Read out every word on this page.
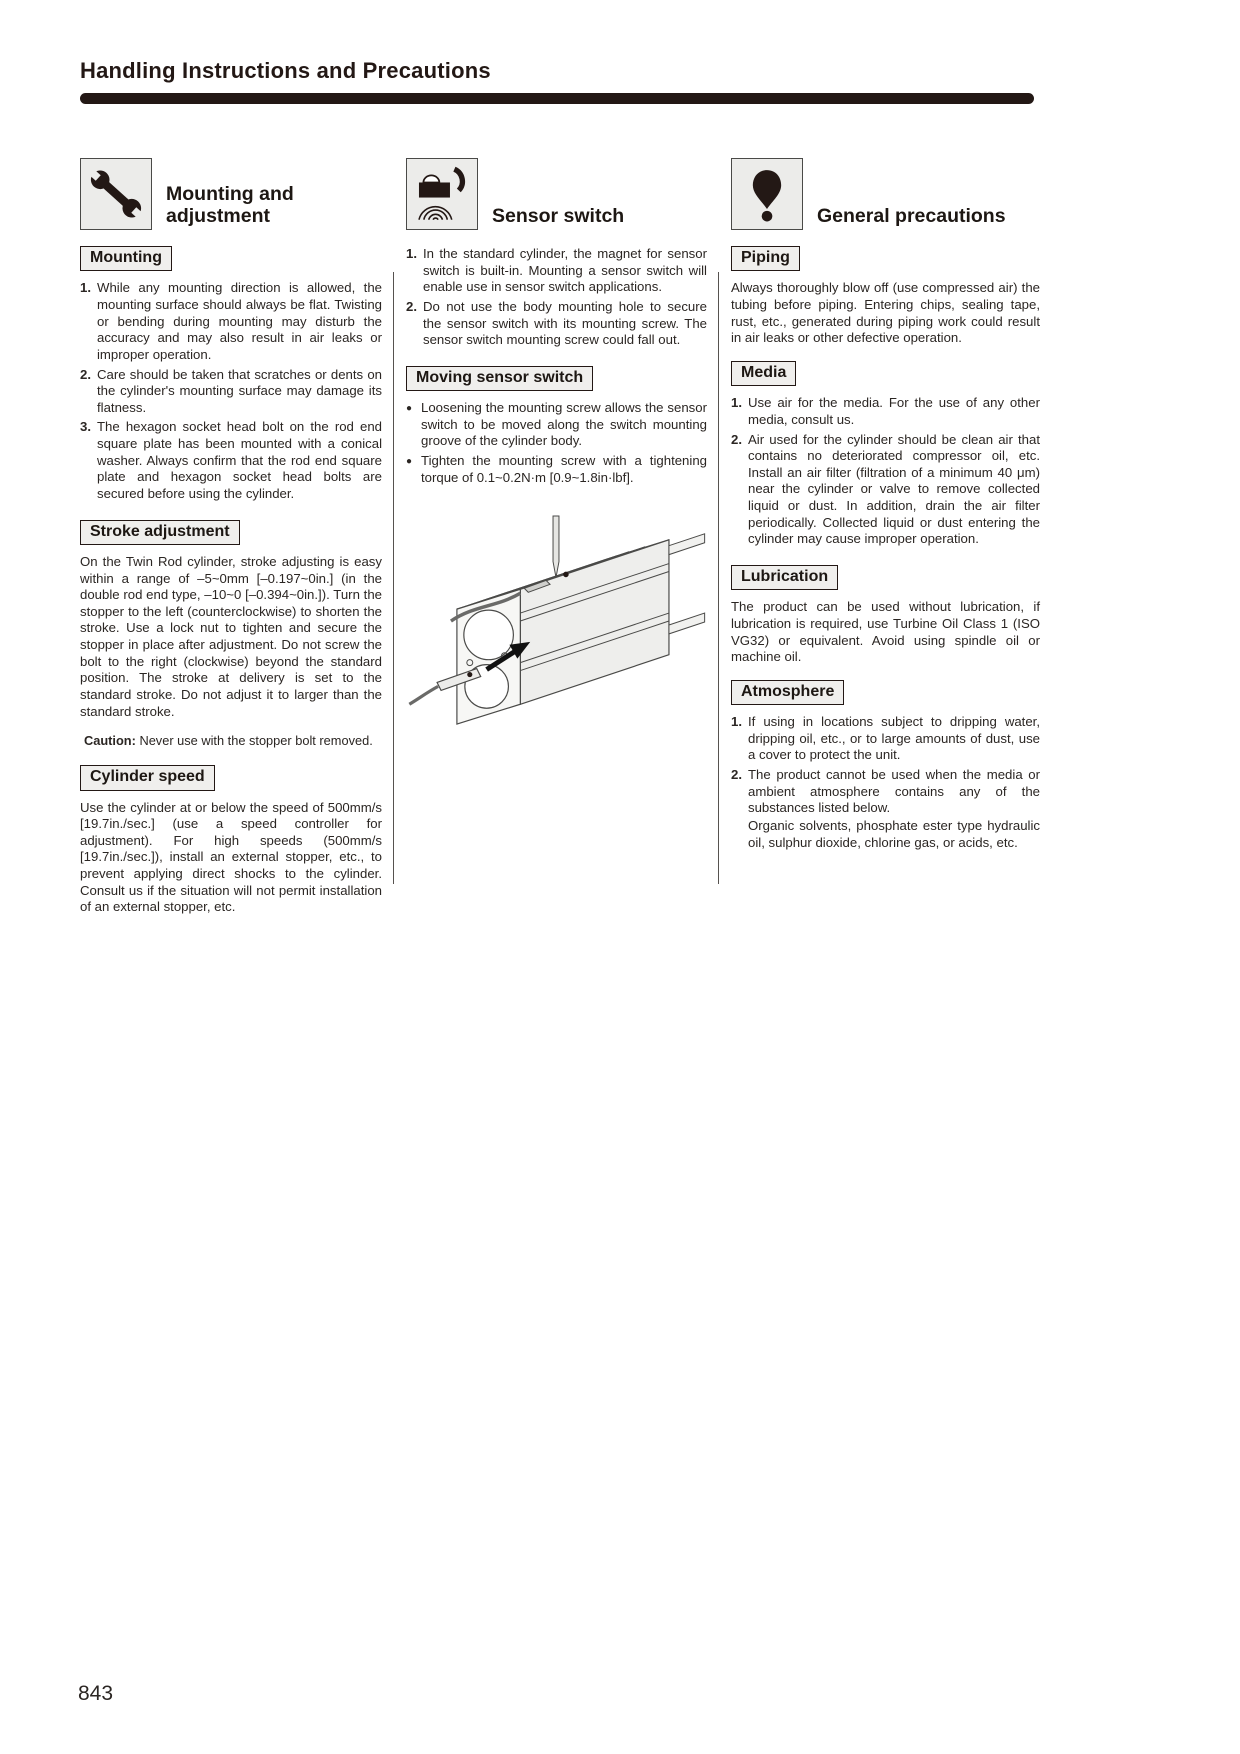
Handling Instructions and Precautions
Mounting and adjustment
Mounting
1. While any mounting direction is allowed, the mounting surface should always be flat. Twisting or bending during mounting may disturb the accuracy and may also result in air leaks or improper operation.
2. Care should be taken that scratches or dents on the cylinder's mounting surface may damage its flatness.
3. The hexagon socket head bolt on the rod end square plate has been mounted with a conical washer. Always confirm that the rod end square plate and hexagon socket head bolts are secured before using the cylinder.
Stroke adjustment

On the Twin Rod cylinder, stroke adjusting is easy within a range of –5~0mm [–0.197~0in.] (in the double rod end type, –10~0 [–0.394~0in.]). Turn the stopper to the left (counterclockwise) to shorten the stroke. Use a lock nut to tighten and secure the stopper in place after adjustment. Do not screw the bolt to the right (clockwise) beyond the standard position. The stroke at delivery is set to the standard stroke. Do not adjust it to larger than the standard stroke.

Caution: Never use with the stopper bolt removed.

Cylinder speed

Use the cylinder at or below the speed of 500mm/s [19.7in./sec.] (use a speed controller for adjustment). For high speeds (500mm/s [19.7in./sec.]), install an external stopper, etc., to prevent applying direct shocks to the cylinder. Consult us if the situation will not permit installation of an external stopper, etc.

Sensor switch
1. In the standard cylinder, the magnet for sensor switch is built-in. Mounting a sensor switch will enable use in sensor switch applications.
2. Do not use the body mounting hole to secure the sensor switch with its mounting screw. The sensor switch mounting screw could fall out.
Moving sensor switch
● Loosening the mounting screw allows the sensor switch to be moved along the switch mounting groove of the cylinder body.
● Tighten the mounting screw with a tightening torque of 0.1~0.2N·m [0.9~1.8in·lbf].
General precautions
Piping

Always thoroughly blow off (use compressed air) the tubing before piping. Entering chips, sealing tape, rust, etc., generated during piping work could result in air leaks or other defective operation.

Media
1. Use air for the media. For the use of any other media, consult us.
2. Air used for the cylinder should be clean air that contains no deteriorated compressor oil, etc. Install an air filter (filtration of a minimum 40 μm) near the cylinder or valve to remove collected liquid or dust. In addition, drain the air filter periodically. Collected liquid or dust entering the cylinder may cause improper operation.
Lubrication

The product can be used without lubrication, if lubrication is required, use Turbine Oil Class 1 (ISO VG32) or equivalent. Avoid using spindle oil or machine oil.

Atmosphere
1. If using in locations subject to dripping water, dripping oil, etc., or to large amounts of dust, use a cover to protect the unit.
2. The product cannot be used when the media or ambient atmosphere contains any of the substances listed below.
Organic solvents, phosphate ester type hydraulic oil, sulphur dioxide, chlorine gas, or acids, etc.
843
